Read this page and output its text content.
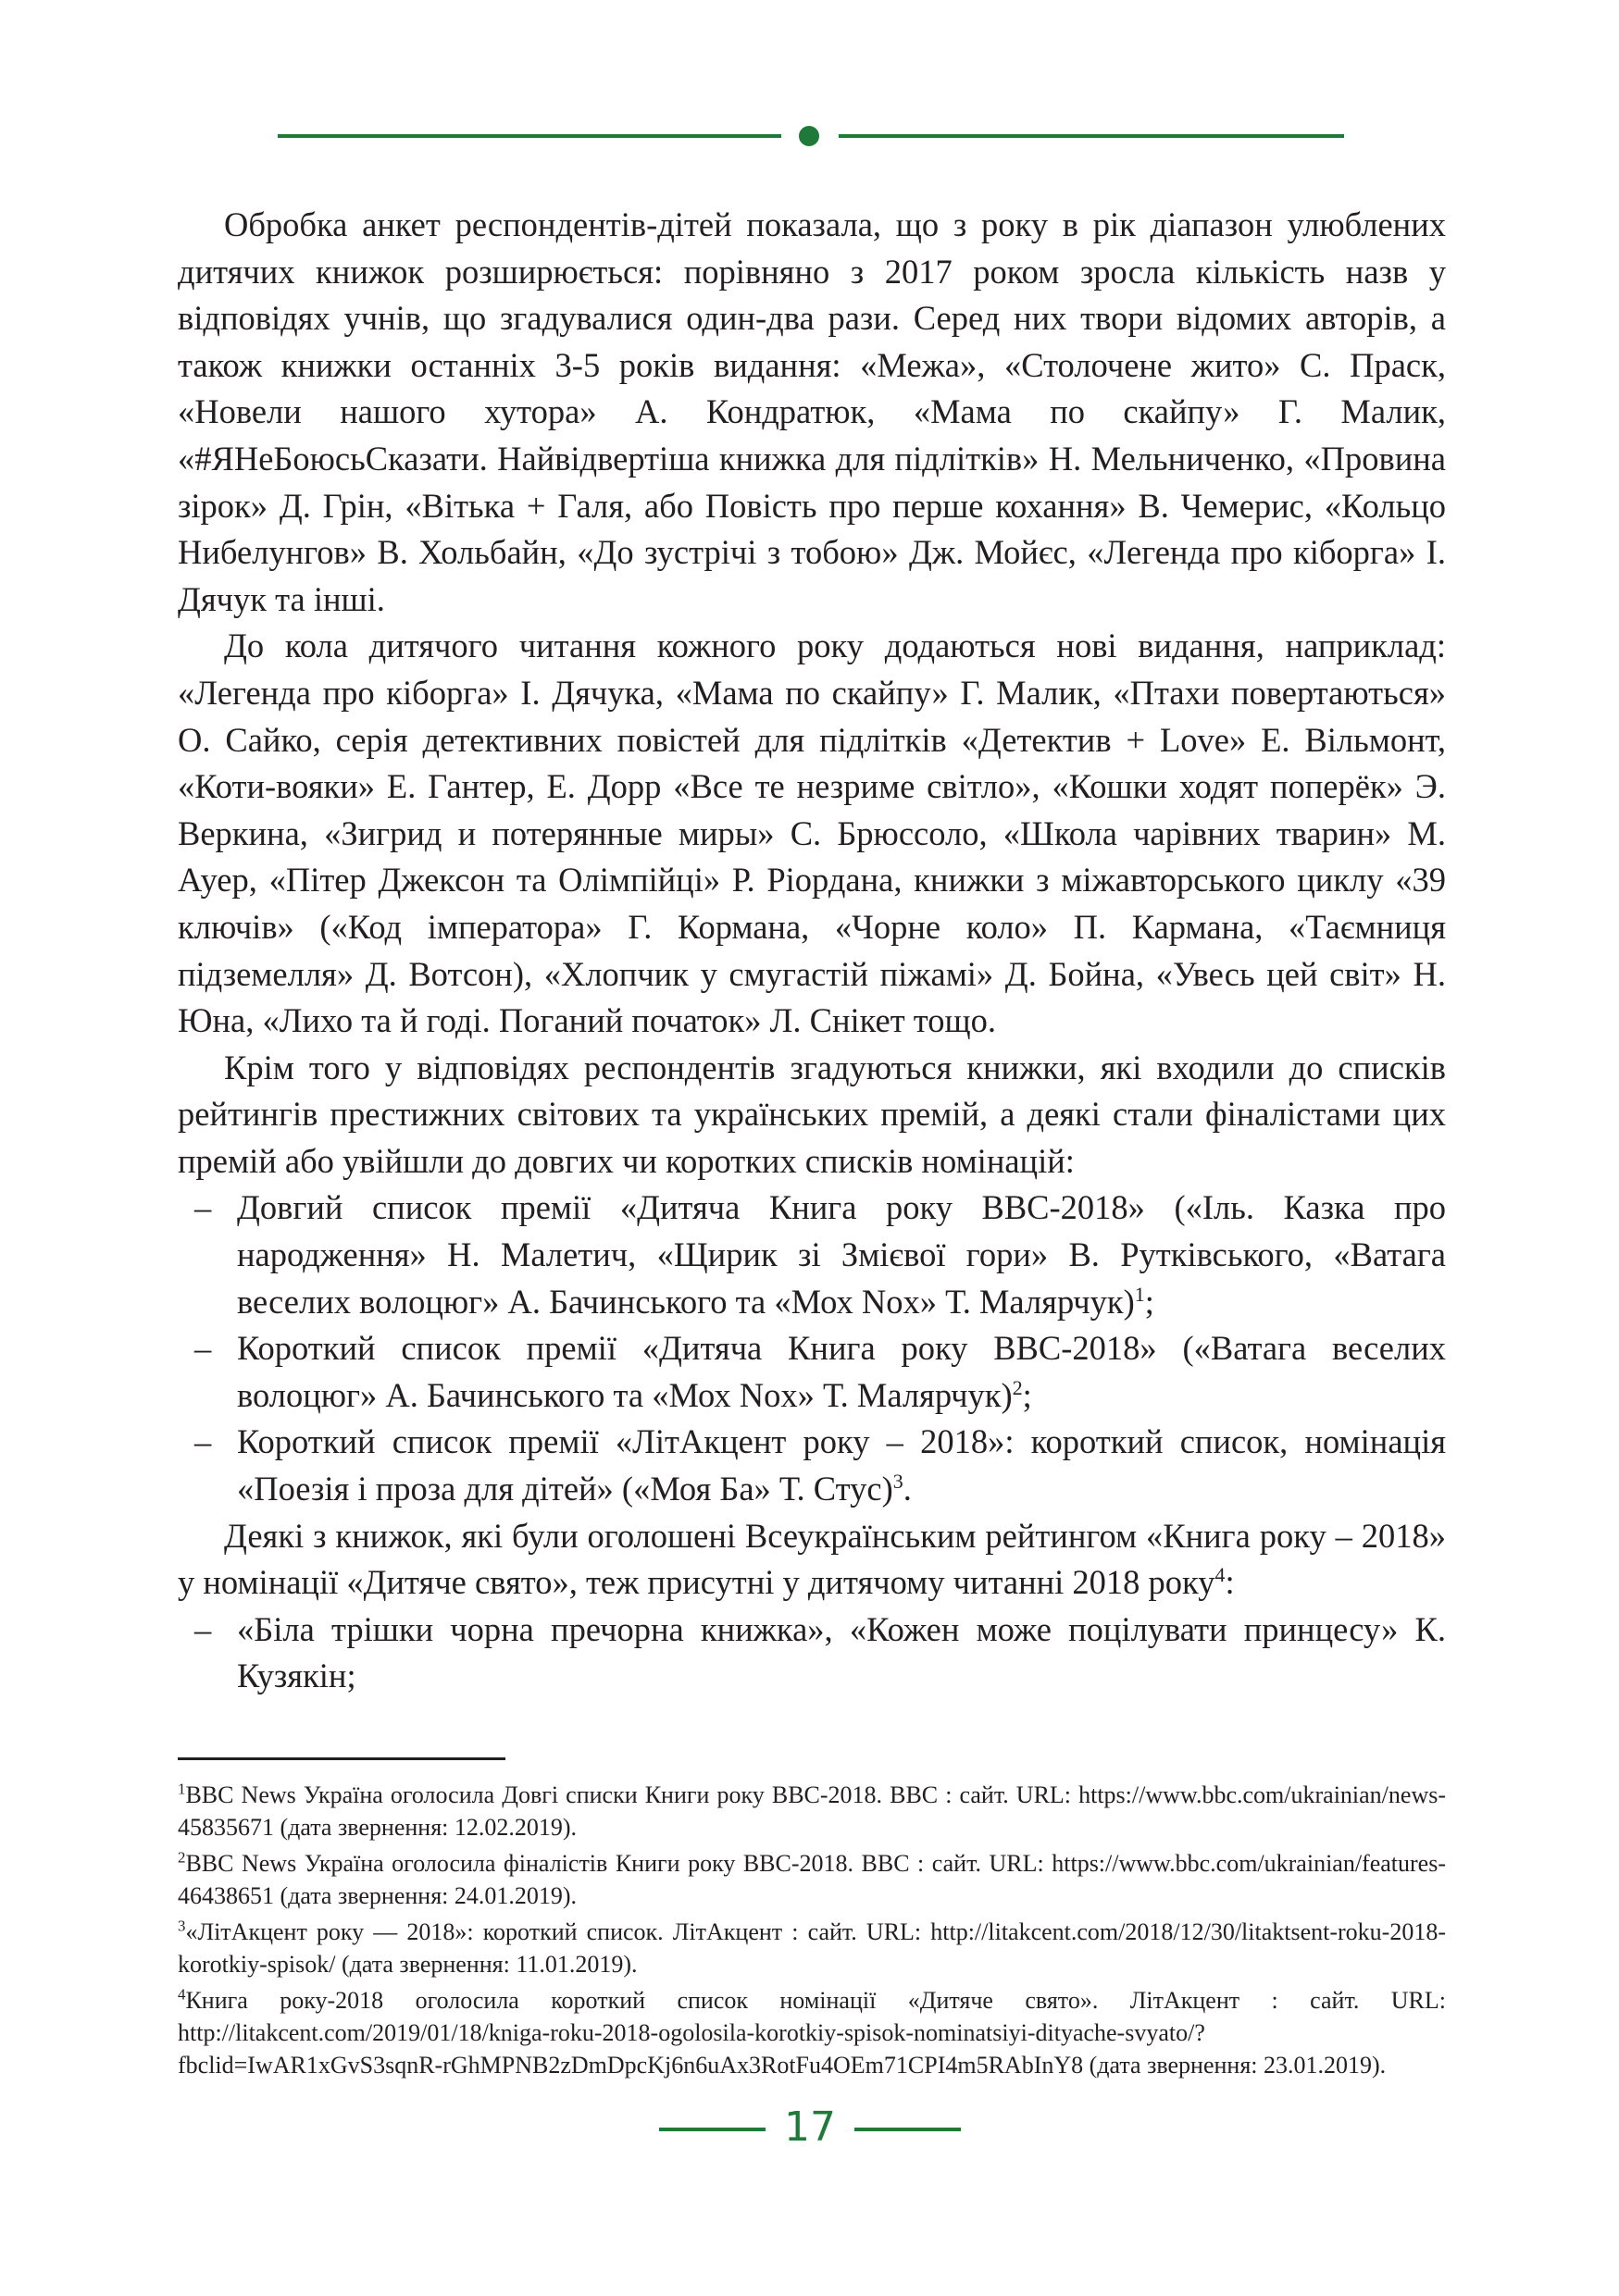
Обробка анкет респондентів-дітей показала, що з року в рік діапазон улюблених дитячих книжок розширюється: порівняно з 2017 роком зросла кількість назв у відповідях учнів, що згадувалися один-два рази. Серед них твори відомих авторів, а також книжки останніх 3-5 років видання: «Межа», «Столочене жито» С. Праск, «Новели нашого хутора» А. Кондратюк, «Мама по скайпу» Г. Малик, «#ЯНеБоюсьСказати. Найвідвертіша книжка для підлітків» Н. Мельниченко, «Провина зірок» Д. Грін, «Вітька + Галя, або Повість про перше кохання» В. Чемерис, «Кольцо Нибелунгов» В. Хольбайн, «До зустрічі з тобою» Дж. Мойєс, «Легенда про кіборга» І. Дячук та інші.

До кола дитячого читання кожного року додаються нові видання, наприклад: «Легенда про кіборга» І. Дячука, «Мама по скайпу» Г. Малик, «Птахи повертаються» О. Сайко, серія детективних повістей для підлітків «Детектив + Love» Е. Вільмонт, «Коти-вояки» Е. Гантер, Е. Дорр «Все те незриме світло», «Кошки ходят поперёк» Э. Веркина, «Зигрид и потерянные миры» С. Брюссоло, «Школа чарівних тварин» М. Ауер, «Пітер Джексон та Олімпійці» Р. Ріордана, книжки з міжавторського циклу «39 ключів» («Код імператора» Г. Кормана, «Чорне коло» П. Кармана, «Таємниця підземелля» Д. Вотсон), «Хлопчик у смугастій піжамі» Д. Бойна, «Увесь цей світ» Н. Юна, «Лихо та й годі. Поганий початок» Л. Снікет тощо.

Крім того у відповідях респондентів згадуються книжки, які входили до списків рейтингів престижних світових та українських премій, а деякі стали фіналістами цих премій або увійшли до довгих чи коротких списків номінацій:

– Довгий список премії «Дитяча Книга року ВВС-2018» («Іль. Казка про народження» Н. Малетич, «Щирик зі Змієвої гори» В. Рутківського, «Ватага веселих волоцюг» А. Бачинського та «Мох Nox» Т. Малярчук)$^1$;

– Короткий список премії «Дитяча Книга року ВВС-2018» («Ватага веселих волоцюг» А. Бачинського та «Мох Nox» Т. Малярчук)$^2$;

– Короткий список премії «ЛітАкцент року – 2018»: короткий список, номінація «Поезія і проза для дітей» («Моя Ба» Т. Стус)$^3$.

Деякі з книжок, які були оголошені Всеукраїнським рейтингом «Книга року – 2018» у номінації «Дитяче свято», теж присутні у дитячому читанні 2018 року$^4$:

– «Біла трішки чорна пречорна книжка», «Кожен може поцілувати принцесу» К. Кузякін;

$^1$BBC News Україна оголосила Довгі списки Книги року ВВС-2018. ВВС : сайт. URL: https://www.bbc.com/ukrainian/news-45835671 (дата звернення: 12.02.2019).

$^2$BBC News Україна оголосила фіналістів Книги року ВВС-2018. ВВС : сайт. URL: https://www.bbc.com/ukrainian/features-46438651 (дата звернення: 24.01.2019).

$^3$«ЛітАкцент року — 2018»: короткий список. ЛітАкцент : сайт. URL: http://litakcent.com/2018/12/30/litaktsent-roku-2018-korotkiy-spisok/ (дата звернення: 11.01.2019).

$^4$Книга року-2018 оголосила короткий список номінації «Дитяче свято». ЛітАкцент : сайт. URL: http://litakcent.com/2019/01/18/kniga-roku-2018-ogolosila-korotkiy-spisok-nominatsiyi-dityache-svyato/?fbclid=IwAR1xGvS3sqnR-rGhMPNB2zDmDpcKj6n6uAx3RotFu4OEm71CPI4m5RAbInY8 (дата звернення: 23.01.2019).

17
